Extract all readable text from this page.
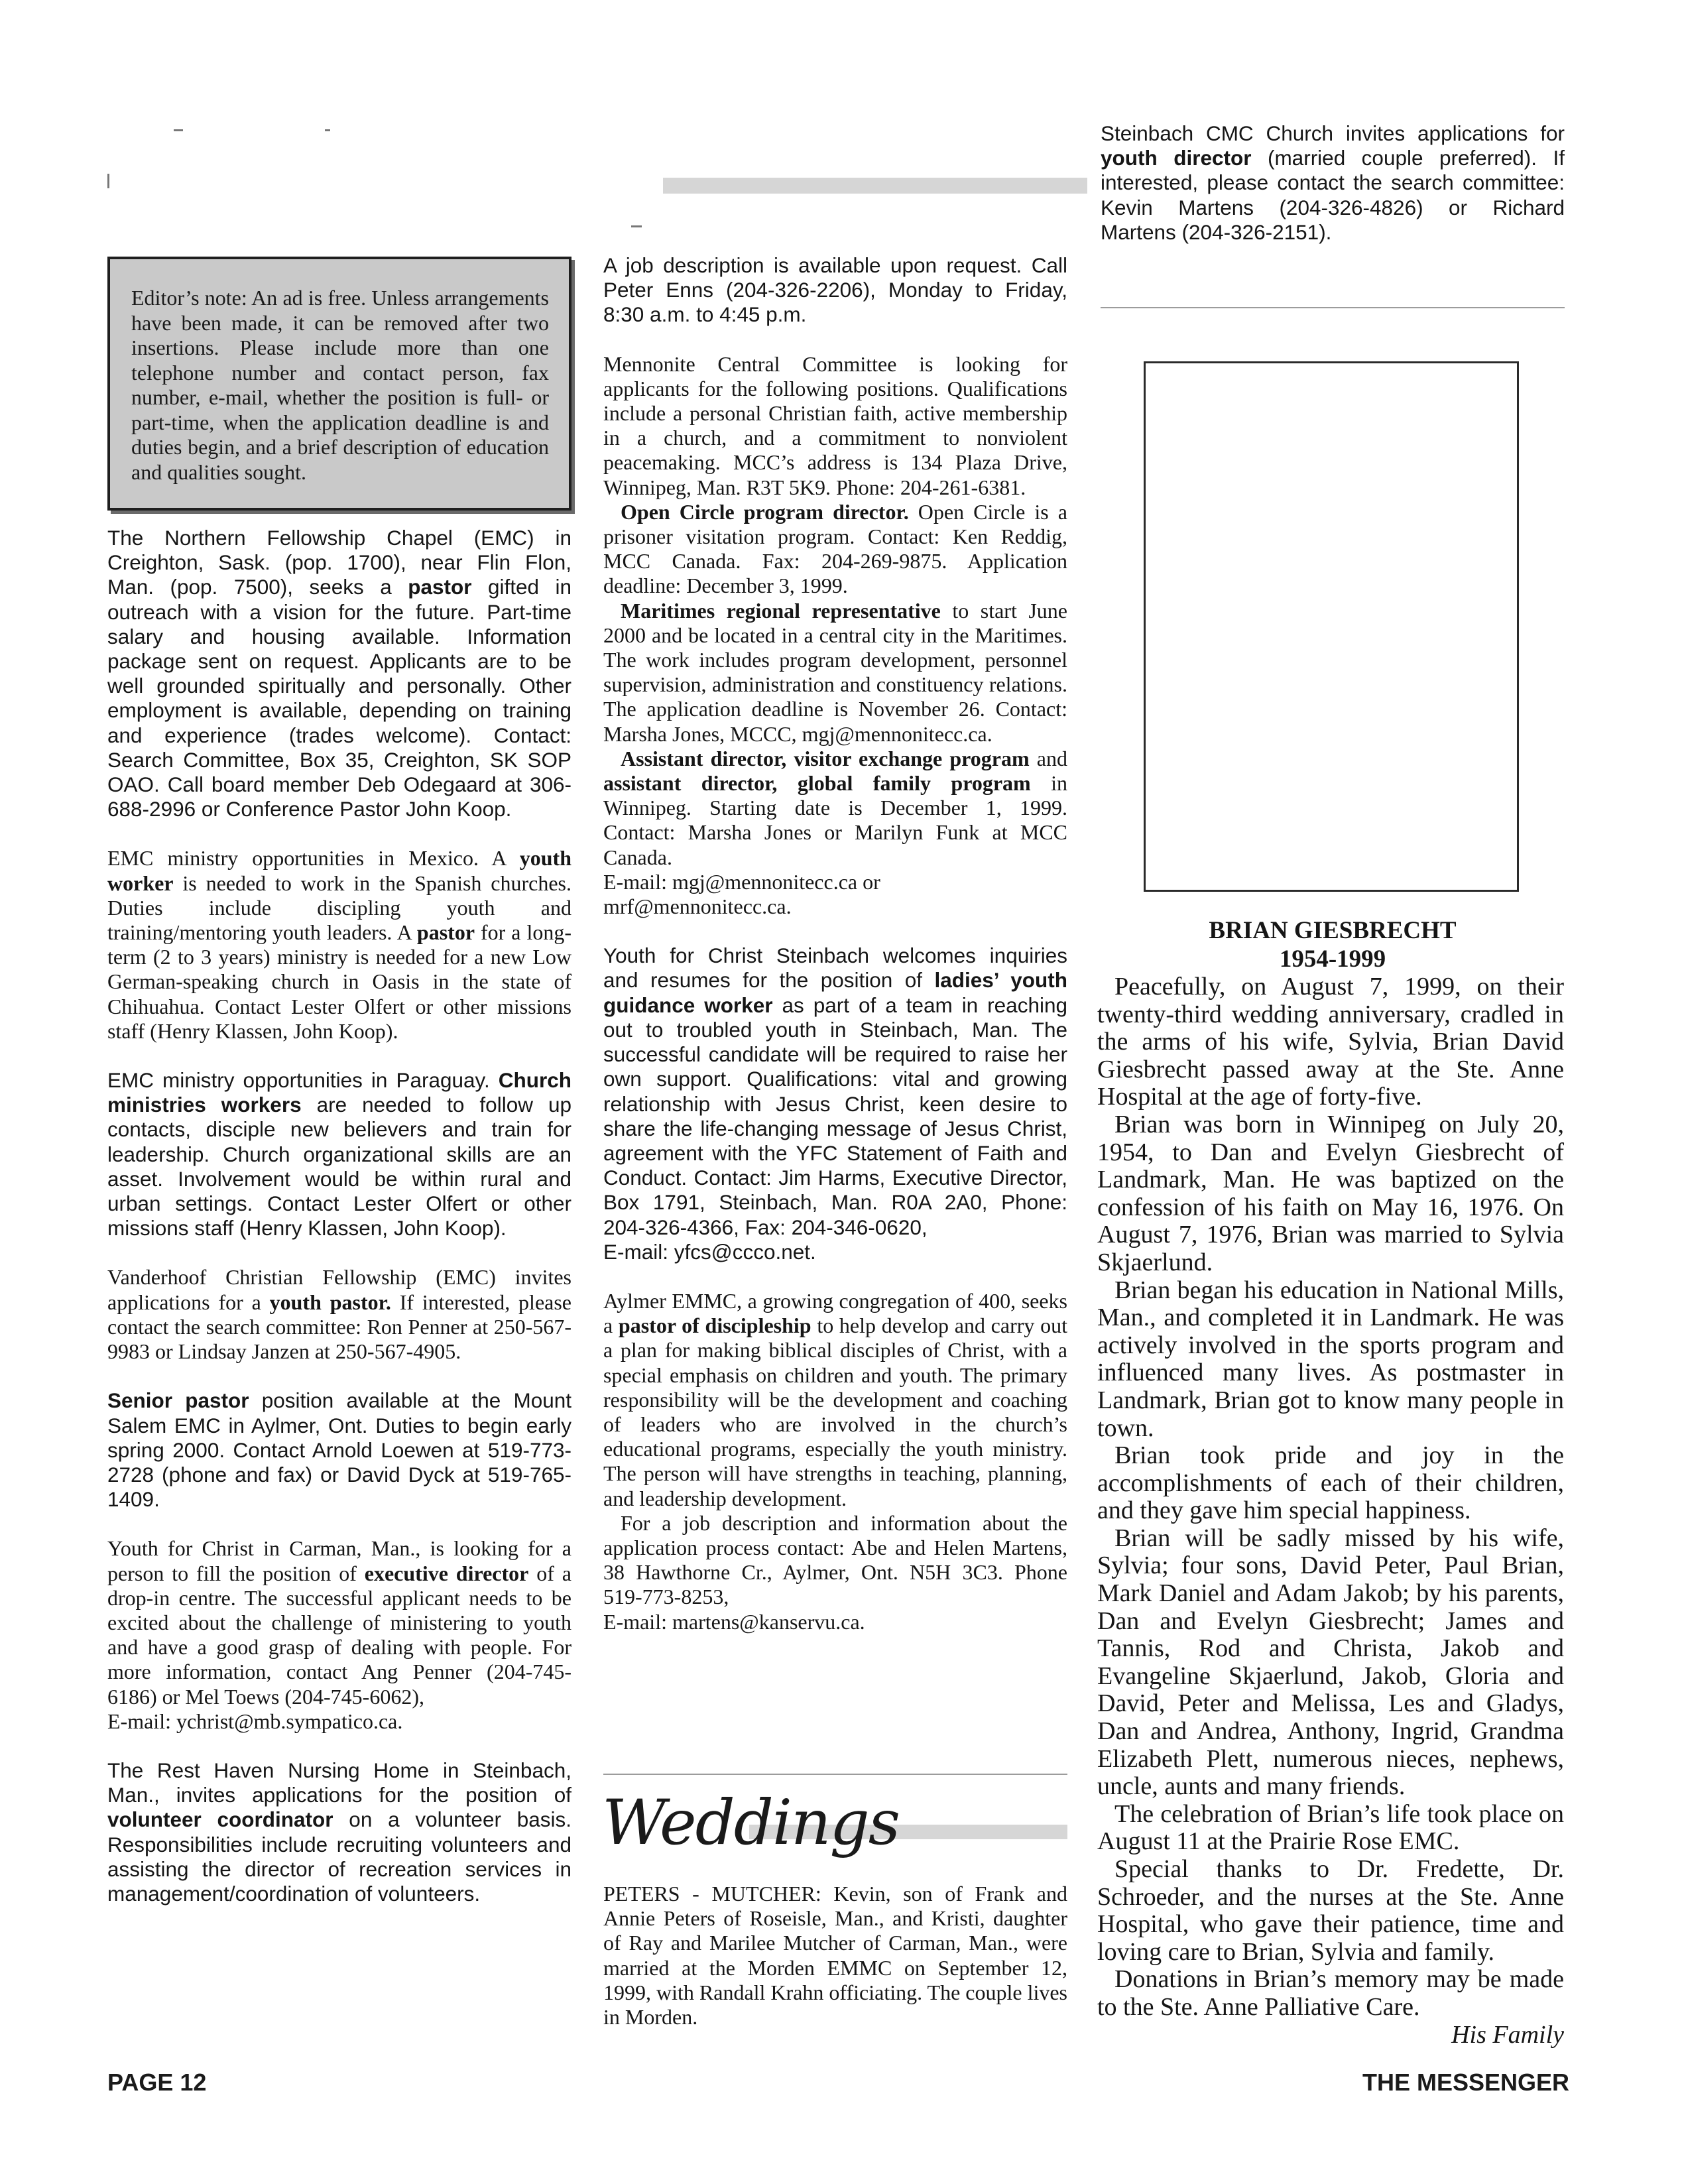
Editor’s note: An ad is free. Unless arrangements have been made, it can be removed after two insertions. Please include more than one telephone number and contact person, fax number, e-mail, whether the position is full- or part-time, when the application deadline is and duties begin, and a brief description of education and qualities sought.

The Northern Fellowship Chapel (EMC) in Creighton, Sask. (pop. 1700), near Flin Flon, Man. (pop. 7500), seeks a pastor gifted in outreach with a vision for the future. Part-time salary and housing available. Information package sent on request. Applicants are to be well grounded spiritually and personally. Other employment is available, depending on training and experience (trades welcome). Contact: Search Committee, Box 35, Creighton, SK SOP OAO. Call board member Deb Odegaard at 306-688-2996 or Conference Pastor John Koop.

EMC ministry opportunities in Mexico. A youth worker is needed to work in the Spanish churches. Duties include discipling youth and training/mentoring youth leaders. A pastor for a long-term (2 to 3 years) ministry is needed for a new Low German-speaking church in Oasis in the state of Chihuahua. Contact Lester Olfert or other missions staff (Henry Klassen, John Koop).

EMC ministry opportunities in Paraguay. Church ministries workers are needed to follow up contacts, disciple new believers and train for leadership. Church organizational skills are an asset. Involvement would be within rural and urban settings. Contact Lester Olfert or other missions staff (Henry Klassen, John Koop).

Vanderhoof Christian Fellowship (EMC) invites applications for a youth pastor. If interested, please contact the search committee: Ron Penner at 250-567-9983 or Lindsay Janzen at 250-567-4905.

Senior pastor position available at the Mount Salem EMC in Aylmer, Ont. Duties to begin early spring 2000. Contact Arnold Loewen at 519-773-2728 (phone and fax) or David Dyck at 519-765-1409.

Youth for Christ in Carman, Man., is looking for a person to fill the position of executive director of a drop-in centre. The successful applicant needs to be excited about the challenge of ministering to youth and have a good grasp of dealing with people. For more information, contact Ang Penner (204-745-6186) or Mel Toews (204-745-6062),

E-mail: ychrist@mb.sympatico.ca.

The Rest Haven Nursing Home in Steinbach, Man., invites applications for the position of volunteer coordinator on a volunteer basis. Responsibilities include recruiting volunteers and assisting the director of recreation services in management/coordination of volunteers.

A job description is available upon request. Call Peter Enns (204-326-2206), Monday to Friday, 8:30 a.m. to 4:45 p.m.

Mennonite Central Committee is looking for applicants for the following positions. Qualifications include a personal Christian faith, active membership in a church, and a commitment to nonviolent peacemaking. MCC’s address is 134 Plaza Drive, Winnipeg, Man. R3T 5K9. Phone: 204-261-6381.

Open Circle program director. Open Circle is a prisoner visitation program. Contact: Ken Reddig, MCC Canada. Fax: 204-269-9875. Application deadline: December 3, 1999.

Maritimes regional representative to start June 2000 and be located in a central city in the Maritimes. The work includes program development, personnel supervision, administration and constituency relations. The application deadline is November 26. Contact: Marsha Jones, MCCC, mgj@mennonitecc.ca.

Assistant director, visitor exchange program and assistant director, global family program in Winnipeg. Starting date is December 1, 1999. Contact: Marsha Jones or Marilyn Funk at MCC Canada.

E-mail: mgj@mennonitecc.ca or

mrf@mennonitecc.ca.

Youth for Christ Steinbach welcomes inquiries and resumes for the position of ladies’ youth guidance worker as part of a team in reaching out to troubled youth in Steinbach, Man. The successful candidate will be required to raise her own support. Qualifications: vital and growing relationship with Jesus Christ, keen desire to share the life-changing message of Jesus Christ, agreement with the YFC Statement of Faith and Conduct. Contact: Jim Harms, Executive Director, Box 1791, Steinbach, Man. R0A 2A0, Phone: 204-326-4366, Fax: 204-346-0620,

E-mail: yfcs@ccco.net.

Aylmer EMMC, a growing congregation of 400, seeks a pastor of discipleship to help develop and carry out a plan for making biblical disciples of Christ, with a special emphasis on children and youth. The primary responsibility will be the development and coaching of leaders who are involved in the church’s educational programs, especially the youth ministry. The person will have strengths in teaching, planning, and leadership development.

For a job description and information about the application process contact: Abe and Helen Martens, 38 Hawthorne Cr., Aylmer, Ont. N5H 3C3. Phone 519-773-8253,

E-mail: martens@kanservu.ca.

Weddings

PETERS - MUTCHER: Kevin, son of Frank and Annie Peters of Roseisle, Man., and Kristi, daughter of Ray and Marilee Mutcher of Carman, Man., were married at the Morden EMMC on September 12, 1999, with Randall Krahn officiating. The couple lives in Morden.

Steinbach CMC Church invites applications for youth director (married couple preferred). If interested, please contact the search committee: Kevin Martens (204-326-4826) or Richard Martens (204-326-2151).

BRIAN GIESBRECHT
1954-1999

Peacefully, on August 7, 1999, on their twenty-third wedding anniversary, cradled in the arms of his wife, Sylvia, Brian David Giesbrecht passed away at the Ste. Anne Hospital at the age of forty-five.

Brian was born in Winnipeg on July 20, 1954, to Dan and Evelyn Giesbrecht of Landmark, Man. He was baptized on the confession of his faith on May 16, 1976. On August 7, 1976, Brian was married to Sylvia Skjaerlund.

Brian began his education in National Mills, Man., and completed it in Landmark. He was actively involved in the sports program and influenced many lives. As postmaster in Landmark, Brian got to know many people in town.

Brian took pride and joy in the accomplishments of each of their children, and they gave him special happiness.

Brian will be sadly missed by his wife, Sylvia; four sons, David Peter, Paul Brian, Mark Daniel and Adam Jakob; by his parents, Dan and Evelyn Giesbrecht; James and Tannis, Rod and Christa, Jakob and Evangeline Skjaerlund, Jakob, Gloria and David, Peter and Melissa, Les and Gladys, Dan and Andrea, Anthony, Ingrid, Grandma Elizabeth Plett, numerous nieces, nephews, uncle, aunts and many friends.

The celebration of Brian’s life took place on August 11 at the Prairie Rose EMC.

Special thanks to Dr. Fredette, Dr. Schroeder, and the nurses at the Ste. Anne Hospital, who gave their patience, time and loving care to Brian, Sylvia and family.

Donations in Brian’s memory may be made to the Ste. Anne Palliative Care.

His Family

PAGE 12	THE MESSENGER
